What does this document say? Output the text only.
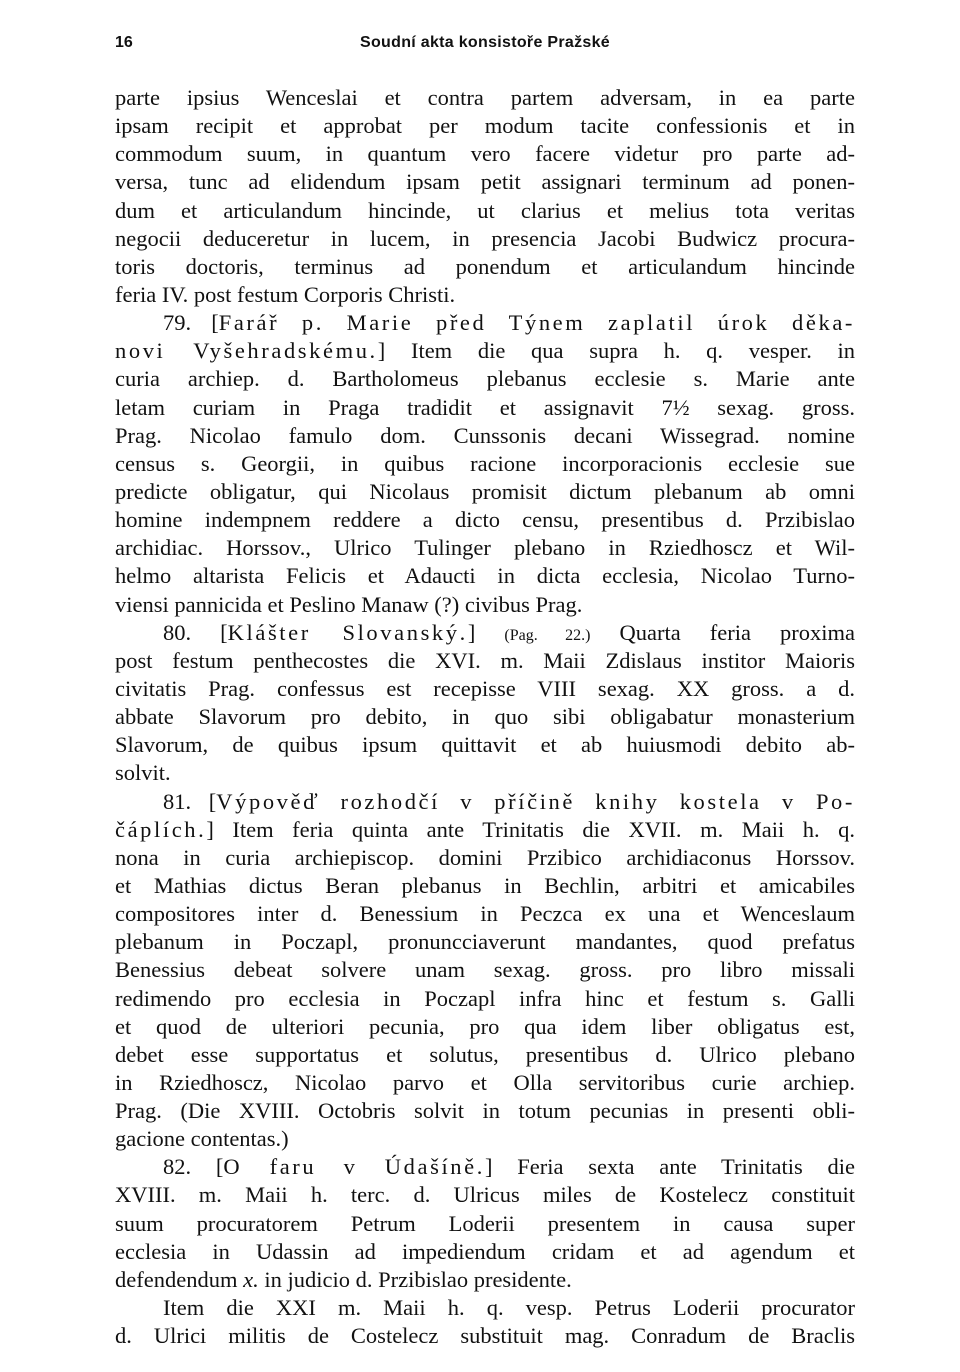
16	Soudní akta konsistoře Pražské
parte ipsius Wenceslai et contra partem adversam, in ea parte
ipsam recipit et approbat per modum tacite confessionis et in
commodum suum, in quantum vero facere videtur pro parte ad-
versa, tunc ad elidendum ipsam petit assignari terminum ad ponen-
dum et articulandum hincinde, ut clarius et melius tota veritas
negocii deduceretur in lucem, in presencia Jacobi Budwicz procura-
toris doctoris, terminus ad ponendum et articulandum hincinde
feria IV. post festum Corporis Christi.
79. [Farář p. Marie před Týnem zaplatil úrok děka-
novi Vyšehradskému.] Item die qua supra h. q. vesper. in
curia archiep. d. Bartholomeus plebanus ecclesie s. Marie ante
letam curiam in Praga tradidit et assignavit 7½ sexag. gross.
Prag. Nicolao famulo dom. Cunssonis decani Wissegrad. nomine
census s. Georgii, in quibus racione incorporacionis ecclesie sue
predicte obligatur, qui Nicolaus promisit dictum plebanum ab omni
homine indempnem reddere a dicto censu, presentibus d. Przibislao
archidiac. Horssov., Ulrico Tulinger plebano in Rziedhoscz et Wil-
helmo altarista Felicis et Adaucti in dicta ecclesia, Nicolao Turno-
viensi pannicida et Peslino Manaw (?) civibus Prag.
80. [Klášter Slovanský.] (Pag. 22.) Quarta feria proxima
post festum penthecostes die XVI. m. Maii Zdislaus institor Maioris
civitatis Prag. confessus est recepisse VIII sexag. XX gross. a d.
abbate Slavorum pro debito, in quo sibi obligabatur monasterium
Slavorum, de quibus ipsum quittavit et ab huiusmodi debito ab-
solvit.
81. [Výpověď rozhodčí v příčině knihy kostela v Po-
čáplích.] Item feria quinta ante Trinitatis die XVII. m. Maii h. q.
nona in curia archiepiscop. domini Przibico archidiaconus Horssov.
et Mathias dictus Beran plebanus in Bechlin, arbitri et amicabiles
compositores inter d. Benessium in Peczca ex una et Wenceslaum
plebanum in Poczapl, pronuncciaverunt mandantes, quod prefatus
Benessius debeat solvere unam sexag. gross. pro libro missali
redimendo pro ecclesia in Poczapl infra hinc et festum s. Galli
et quod de ulteriori pecunia, pro qua idem liber obligatus est,
debet esse supportatus et solutus, presentibus d. Ulrico plebano
in Rziedhoscz, Nicolao parvo et Olla servitoribus curie archiep.
Prag. (Die XVIII. Octobris solvit in totum pecunias in presenti obli-
gacione contentas.)
82. [O faru v Údašíně.] Feria sexta ante Trinitatis die
XVIII. m. Maii h. terc. d. Ulricus miles de Kostelecz constituit
suum procuratorem Petrum Loderii presentem in causa super
ecclesia in Udassin ad impediendum cridam et ad agendum et
defendendum x. in judicio d. Przibislao presidente.
Item die XXI m. Maii h. q. vesp. Petrus Loderii procurator
d. Ulrici militis de Costelecz substituit mag. Conradum de Braclis
